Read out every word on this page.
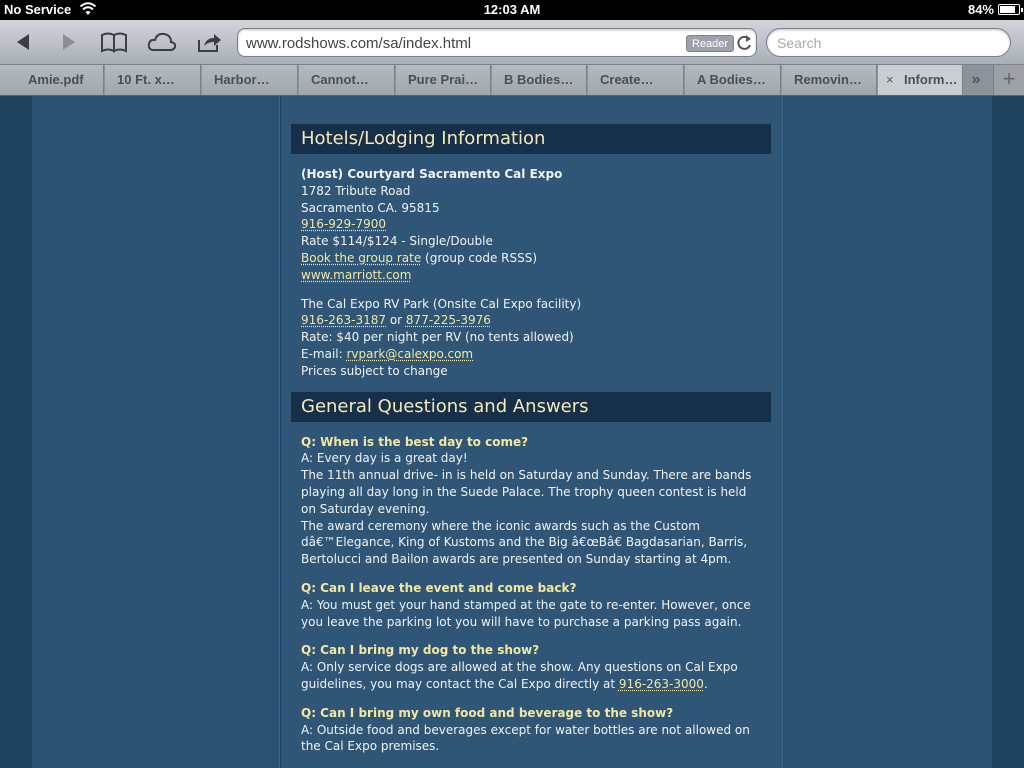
No Service	12:03 AM	84%
www.rodshows.com/sa/index.html	Reader	Search
Amie.pdf	10 Ft. x…	Harbor…	Cannot…	Pure Prai…	B Bodies…	Create…	A Bodies…	Removin…	× Inform… »	+
Hotels/Lodging Information
(Host) Courtyard Sacramento Cal Expo
1782 Tribute Road
Sacramento CA. 95815
916-929-7900
Rate $114/$124 - Single/Double
Book the group rate (group code RSSS)
www.marriott.com
The Cal Expo RV Park (Onsite Cal Expo facility)
916-263-3187 or 877-225-3976
Rate: $40 per night per RV (no tents allowed)
E-mail: rvpark@calexpo.com
Prices subject to change
General Questions and Answers
Q: When is the best day to come?
A: Every day is a great day!
The 11th annual drive- in is held on Saturday and Sunday. There are bands playing all day long in the Suede Palace. The trophy queen contest is held on Saturday evening.
The award ceremony where the iconic awards such as the Custom dâ€™Elegance, King of Kustoms and the Big â€œBâ€ Bagdasarian, Barris, Bertolucci and Bailon awards are presented on Sunday starting at 4pm.
Q: Can I leave the event and come back?
A: You must get your hand stamped at the gate to re-enter. However, once you leave the parking lot you will have to purchase a parking pass again.
Q: Can I bring my dog to the show?
A: Only service dogs are allowed at the show. Any questions on Cal Expo guidelines, you may contact the Cal Expo directly at 916-263-3000.
Q: Can I bring my own food and beverage to the show?
A: Outside food and beverages except for water bottles are not allowed on the Cal Expo premises.
